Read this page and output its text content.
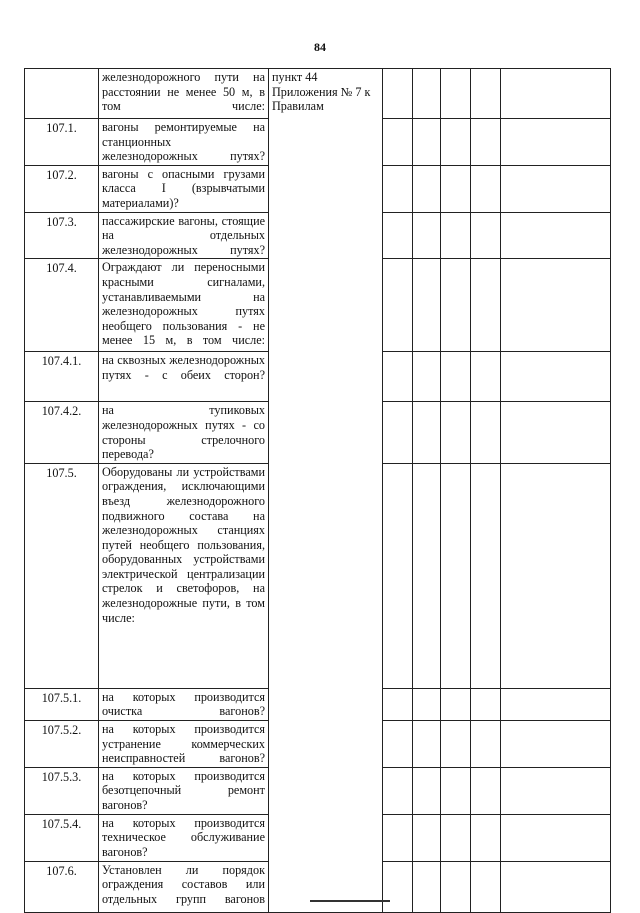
84
	железнодорожного пути на расстоянии не менее 50 м, в том числе:	пункт 44 Приложения № 7 к Правилам					
107.1.	вагоны ремонтируемые на станционных железнодорожных путях?						
107.2.	вагоны с опасными грузами класса I (взрывчатыми материалами)?						
107.3.	пассажирские вагоны, стоящие на отдельных железнодорожных путях?						
107.4.	Ограждают ли переносными красными сигналами, устанавливаемыми на железнодорожных путях необщего пользования - не менее 15 м, в том числе:						
107.4.1.	на сквозных железнодорожных путях - с обеих сторон?						
107.4.2.	на тупиковых железнодорожных путях - со стороны стрелочного перевода?						
107.5.	Оборудованы ли устройствами ограждения, исключающими въезд железнодорожного подвижного состава на железнодорожных станциях путей необщего пользования, оборудованных устройствами электрической централизации стрелок и светофоров, на железнодорожные пути, в том числе:						
107.5.1.	на которых производится очистка вагонов?						
107.5.2.	на которых производится устранение коммерческих неисправностей вагонов?						
107.5.3.	на которых производится безотцепочный ремонт вагонов?						
107.5.4.	на которых производится техническое обслуживание вагонов?						
107.6.	Установлен ли порядок ограждения составов или отдельных групп вагонов						
